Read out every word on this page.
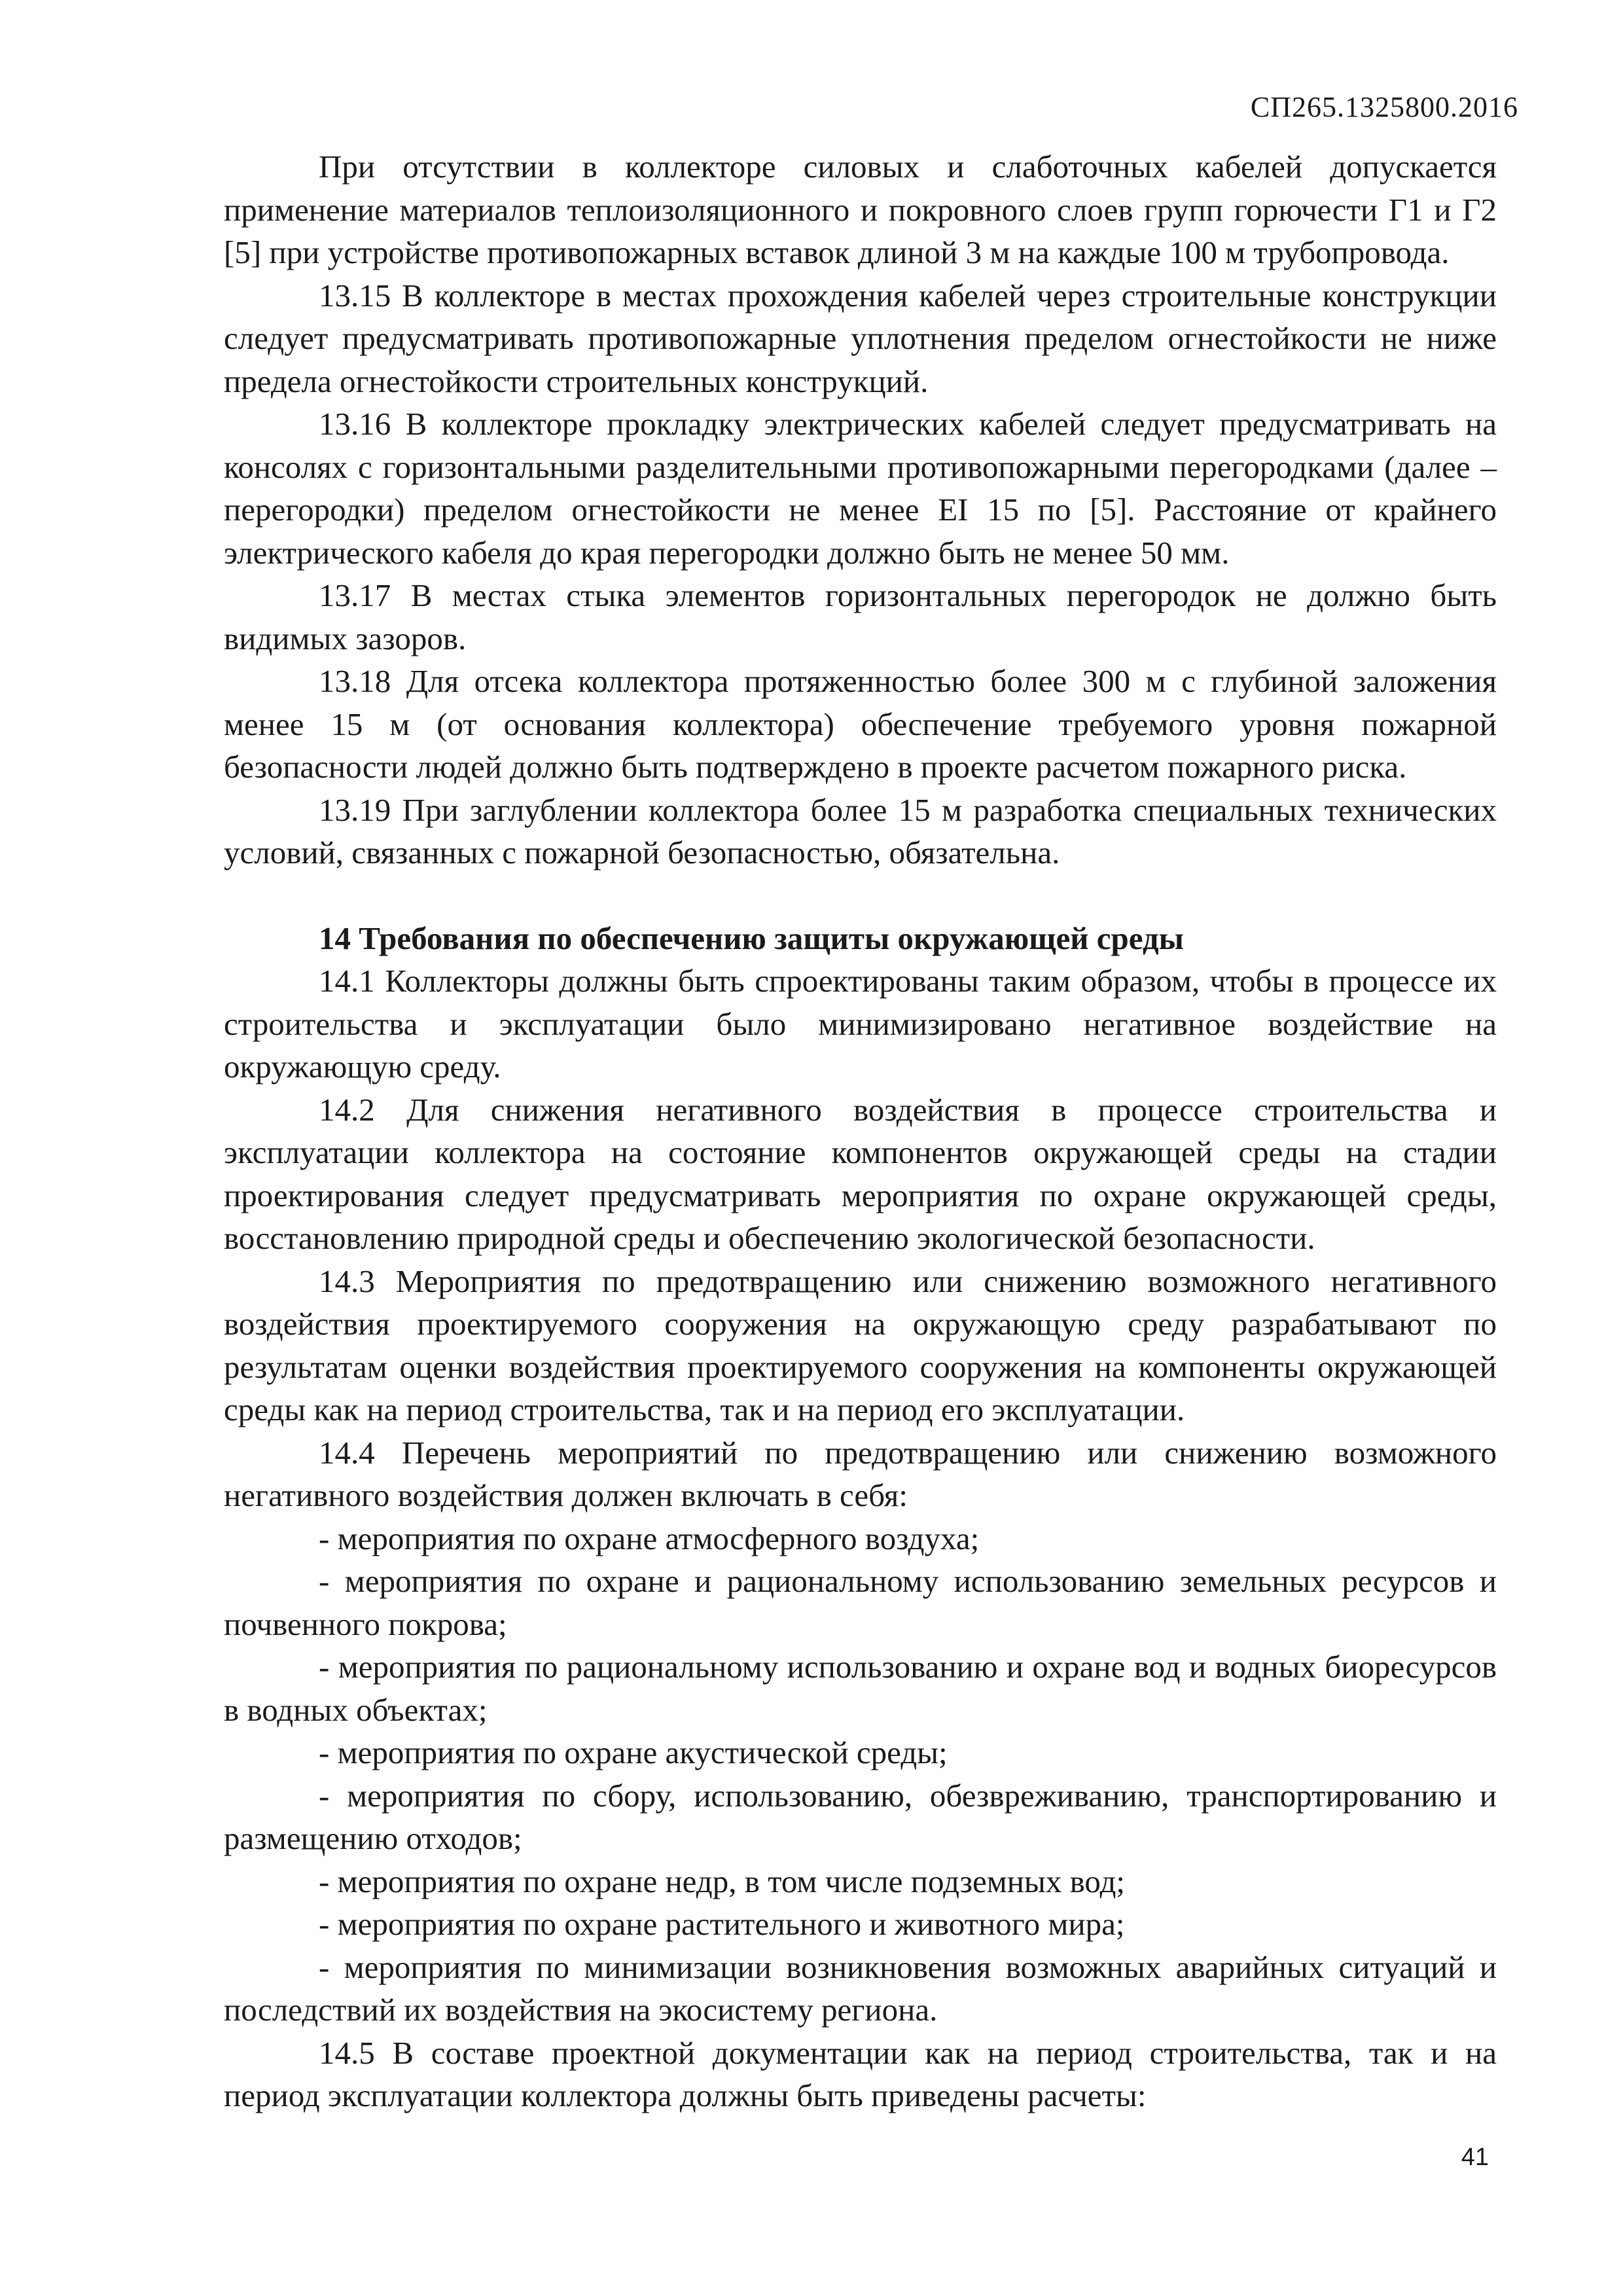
СП265.1325800.2016

При отсутствии в коллекторе силовых и слаботочных кабелей допускается применение материалов теплоизоляционного и покровного слоев групп горючести Г1 и Г2 [5] при устройстве противопожарных вставок длиной 3 м на каждые 100 м трубопровода.

13.15 В коллекторе в местах прохождения кабелей через строительные конструкции следует предусматривать противопожарные уплотнения пределом огнестойкости не ниже предела огнестойкости строительных конструкций.

13.16 В коллекторе прокладку электрических кабелей следует предусматривать на консолях с горизонтальными разделительными противопожарными перегородками (далее – перегородки) пределом огнестойкости не менее EI 15 по [5]. Расстояние от крайнего электрического кабеля до края перегородки должно быть не менее 50 мм.

13.17 В местах стыка элементов горизонтальных перегородок не должно быть видимых зазоров.

13.18 Для отсека коллектора протяженностью более 300 м с глубиной заложения менее 15 м (от основания коллектора) обеспечение требуемого уровня пожарной безопасности людей должно быть подтверждено в проекте расчетом пожарного риска.

13.19 При заглублении коллектора более 15 м разработка специальных технических условий, связанных с пожарной безопасностью, обязательна.

14 Требования по обеспечению защиты окружающей среды

14.1 Коллекторы должны быть спроектированы таким образом, чтобы в процессе их строительства и эксплуатации было минимизировано негативное воздействие на окружающую среду.

14.2 Для снижения негативного воздействия в процессе строительства и эксплуатации коллектора на состояние компонентов окружающей среды на стадии проектирования следует предусматривать мероприятия по охране окружающей среды, восстановлению природной среды и обеспечению экологической безопасности.

14.3 Мероприятия по предотвращению или снижению возможного негативного воздействия проектируемого сооружения на окружающую среду разрабатывают по результатам оценки воздействия проектируемого сооружения на компоненты окружающей среды как на период строительства, так и на период его эксплуатации.

14.4 Перечень мероприятий по предотвращению или снижению возможного негативного воздействия должен включать в себя:

- мероприятия по охране атмосферного воздуха;

- мероприятия по охране и рациональному использованию земельных ресурсов и почвенного покрова;

- мероприятия по рациональному использованию и охране вод и водных биоресурсов в водных объектах;

- мероприятия по охране акустической среды;

- мероприятия по сбору, использованию, обезвреживанию, транспортированию и размещению отходов;

- мероприятия по охране недр, в том числе подземных вод;

- мероприятия по охране растительного и животного мира;

- мероприятия по минимизации возникновения возможных аварийных ситуаций и последствий их воздействия на экосистему региона.

14.5 В составе проектной документации как на период строительства, так и на период эксплуатации коллектора должны быть приведены расчеты:

41
